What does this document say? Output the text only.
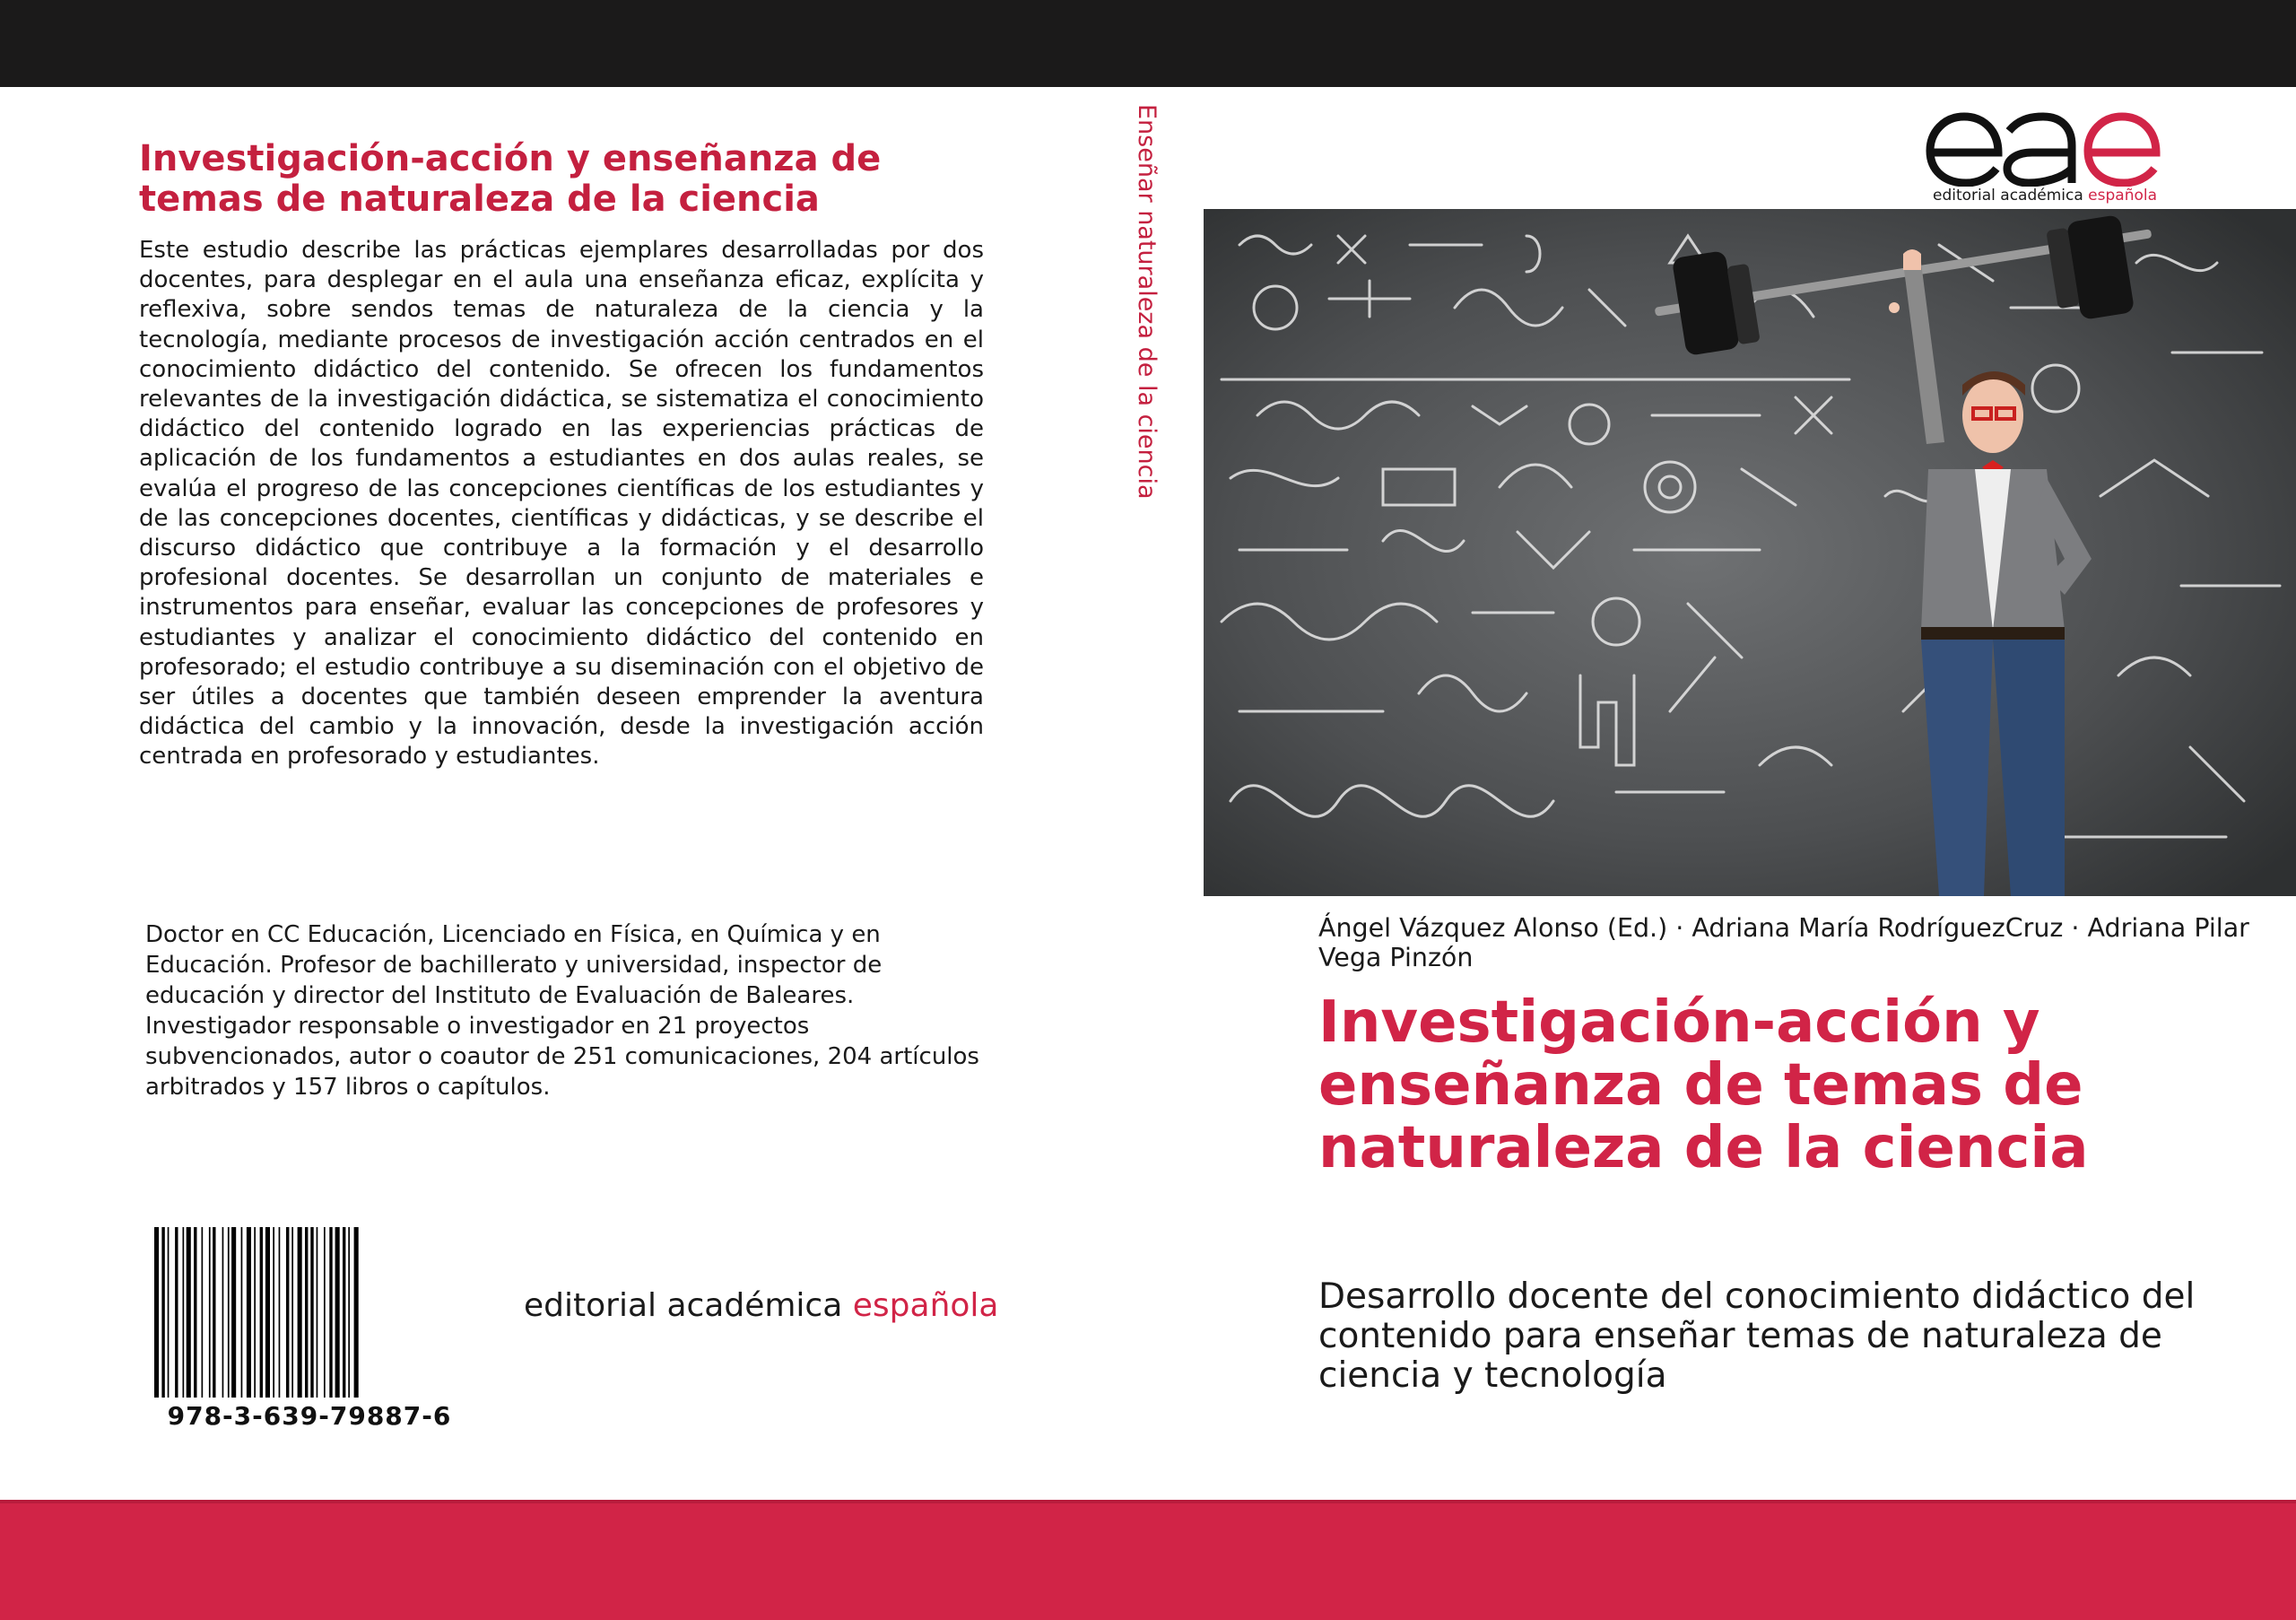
Investigación-acción y enseñanza de temas de naturaleza de la ciencia

Este estudio describe las prácticas ejemplares desarrolladas por dos docentes, para desplegar en el aula una enseñanza eficaz, explícita y reflexiva, sobre sendos temas de naturaleza de la ciencia y la tecnología, mediante procesos de investigación acción centrados en el conocimiento didáctico del contenido. Se ofrecen los fundamentos relevantes de la investigación didáctica, se sistematiza el conocimiento didáctico del contenido logrado en las experiencias prácticas de aplicación de los fundamentos a estudiantes en dos aulas reales, se evalúa el progreso de las concepciones científicas de los estudiantes y de las concepciones docentes, científicas y didácticas, y se describe el discurso didáctico que contribuye a la formación y el desarrollo profesional docentes. Se desarrollan un conjunto de materiales e instrumentos para enseñar, evaluar las concepciones de profesores y estudiantes y analizar el conocimiento didáctico del contenido en profesorado; el estudio contribuye a su diseminación con el objetivo de ser útiles a docentes que también deseen emprender la aventura didáctica del cambio y la innovación, desde la investigación acción centrada en profesorado y estudiantes.

Doctor en CC Educación, Licenciado en Física, en Química y en Educación. Profesor de bachillerato y universidad, inspector de educación y director del Instituto de Evaluación de Baleares. Investigador responsable o investigador en 21 proyectos subvencionados, autor o coautor de 251 comunicaciones, 204 artículos arbitrados y 157 libros o capítulos.

978-3-639-79887-6
editorial académica española
Enseñar naturaleza de la ciencia	editorial académica española

Ángel Vázquez Alonso (Ed.) · Adriana María RodríguezCruz · Adriana Pilar Vega Pinzón

Investigación-acción y enseñanza de temas de naturaleza de la ciencia

Desarrollo docente del conocimiento didáctico del contenido para enseñar temas de naturaleza de ciencia y tecnología
